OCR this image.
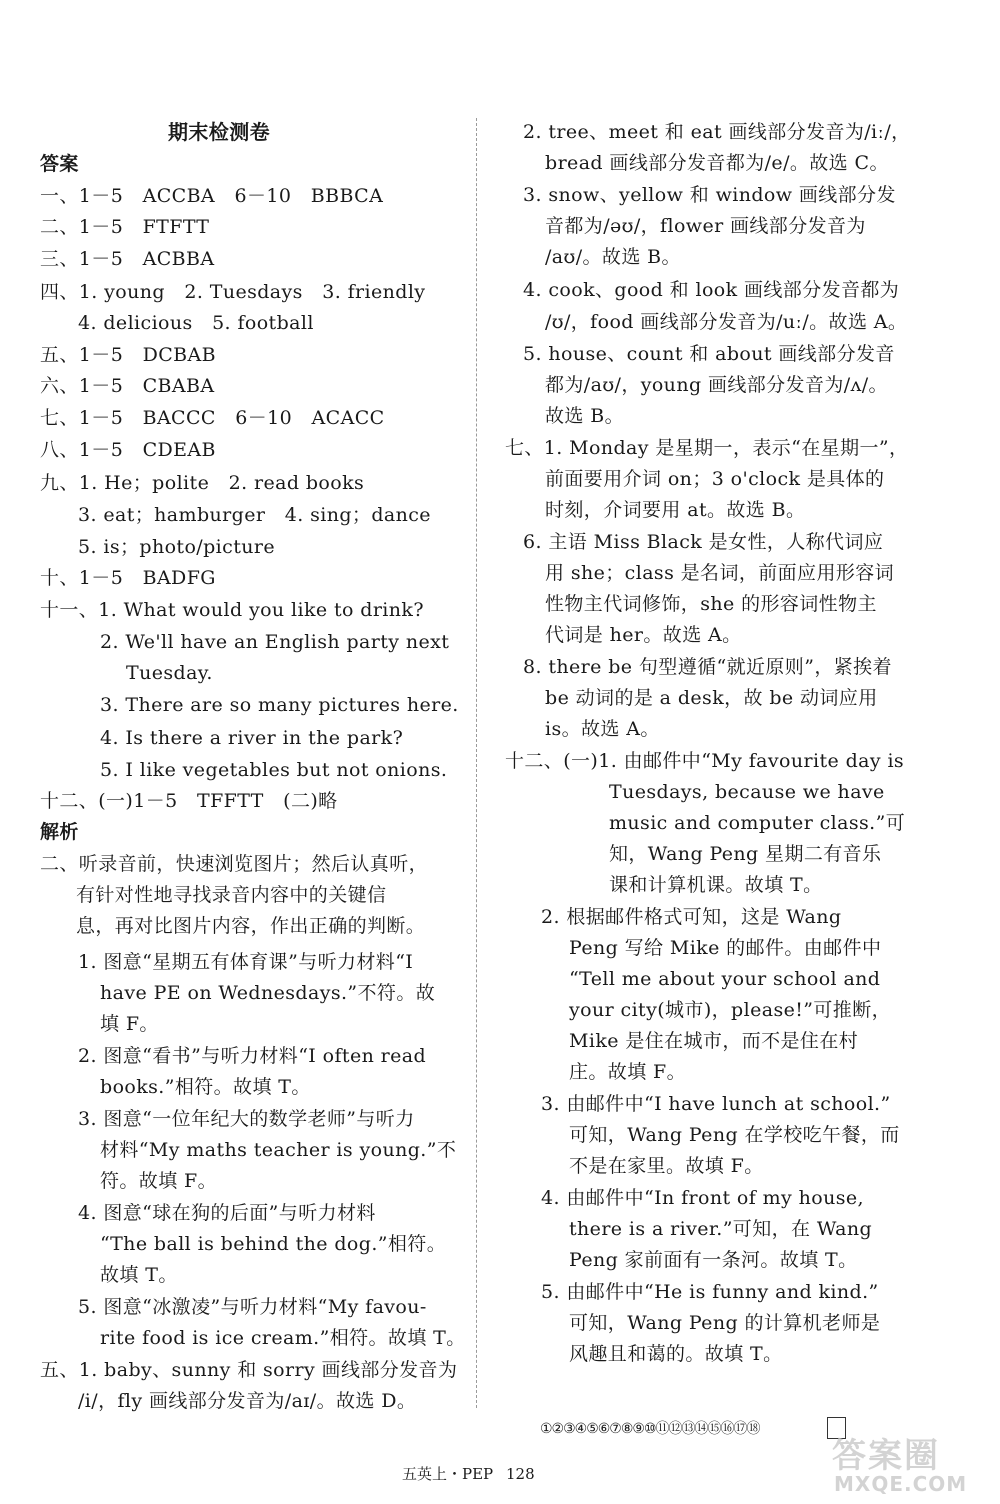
期末检测卷
答案
一、1－5　ACCBA　6－10　BBBCA
二、1－5　FTFTT
三、1－5　ACBBA
四、1. young　2. Tuesdays　3. friendly
4. delicious　5. football
五、1－5　DCBAB
六、1－5　CBABA
七、1－5　BACCC　6－10　ACACC
八、1－5　CDEAB
九、1. He；polite　2. read books
3. eat；hamburger　4. sing；dance
5. is；photo/picture
十、1－5　BADFG
十一、1. What would you like to drink?
2. We'll have an English party next
Tuesday.
3. There are so many pictures here.
4. Is there a river in the park?
5. I like vegetables but not onions.
十二、(一)1－5　TFFTT　(二)略
解析
二、听录音前，快速浏览图片；然后认真听，
有针对性地寻找录音内容中的关键信
息，再对比图片内容，作出正确的判断。
1. 图意“星期五有体育课”与听力材料“I
have PE on Wednesdays.”不符。故
填 F。
2. 图意“看书”与听力材料“I often read
books.”相符。故填 T。
3. 图意“一位年纪大的数学老师”与听力
材料“My maths teacher is young.”不
符。故填 F。
4. 图意“球在狗的后面”与听力材料
“The ball is behind the dog.”相符。
故填 T。
5. 图意“冰激凌”与听力材料“My favou-
rite food is ice cream.”相符。故填 T。
五、1. baby、sunny 和 sorry 画线部分发音为
/i/，fly 画线部分发音为/aɪ/。故选 D。
2. tree、meet 和 eat 画线部分发音为/iː/，
bread 画线部分发音都为/e/。故选 C。
3. snow、yellow 和 window 画线部分发
音都为/əʊ/，flower 画线部分发音为
/aʊ/。故选 B。
4. cook、good 和 look 画线部分发音都为
/ʊ/，food 画线部分发音为/uː/。故选 A。
5. house、count 和 about 画线部分发音
都为/aʊ/，young 画线部分发音为/ʌ/。
故选 B。
七、1. Monday 是星期一，表示“在星期一”，
前面要用介词 on；3 o'clock 是具体的
时刻，介词要用 at。故选 B。
6. 主语 Miss Black 是女性，人称代词应
用 she；class 是名词，前面应用形容词
性物主代词修饰，she 的形容词性物主
代词是 her。故选 A。
8. there be 句型遵循“就近原则”，紧挨着
be 动词的是 a desk，故 be 动词应用
is。故选 A。
十二、(一)1. 由邮件中“My favourite day is
Tuesdays, because we have
music and computer class.”可
知，Wang Peng 星期二有音乐
课和计算机课。故填 T。
2. 根据邮件格式可知，这是 Wang
Peng 写给 Mike 的邮件。由邮件中
“Tell me about your school and
your city(城市)，please!”可推断，
Mike 是住在城市，而不是住在村
庄。故填 F。
3. 由邮件中“I have lunch at school.”
可知，Wang Peng 在学校吃午餐，而
不是在家里。故填 F。
4. 由邮件中“In front of my house,
there is a river.”可知，在 Wang
Peng 家前面有一条河。故填 T。
5. 由邮件中“He is funny and kind.”
可知，Wang Peng 的计算机老师是
风趣且和蔼的。故填 T。
①②③④⑤⑥⑦⑧⑨⑩⑪⑫⑬⑭⑮⑯⑰⑱
五英上・PEP 128	答案圈
MXQE.COM
